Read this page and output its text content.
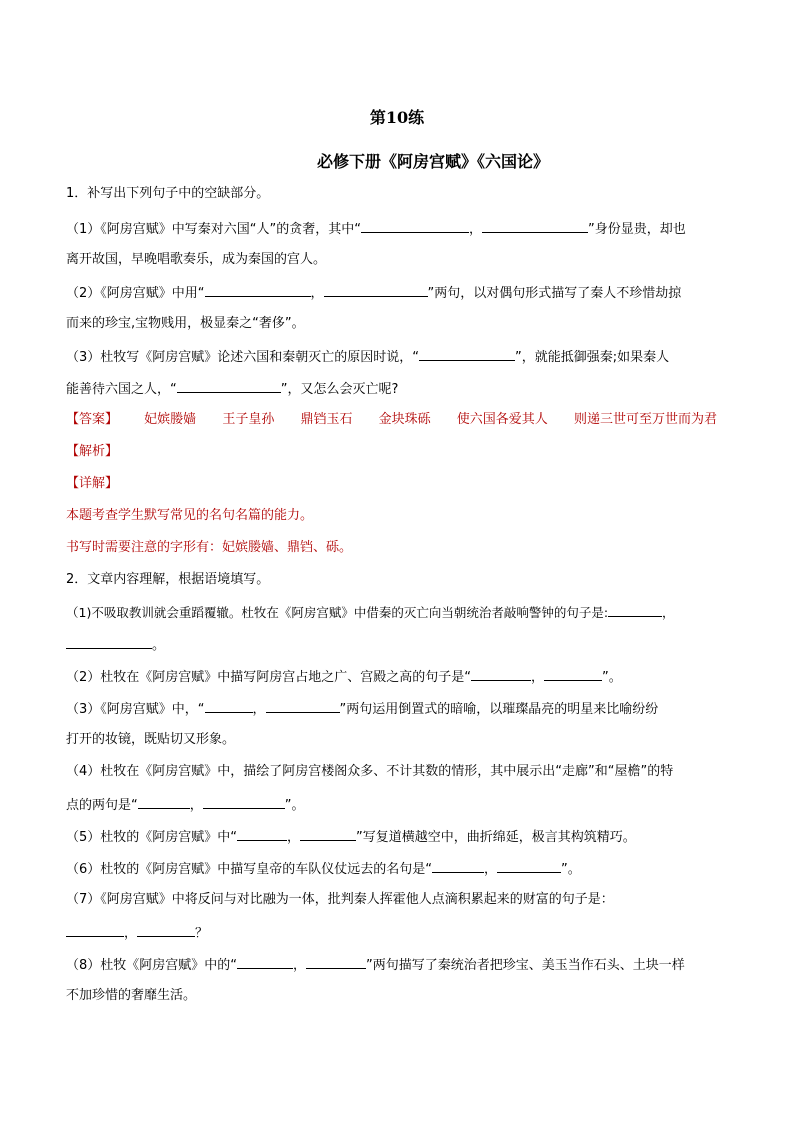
第10练
必修下册《阿房宫赋》《六国论》
1．补写出下列句子中的空缺部分。
（1）《阿房宫赋》中写秦对六国“人”的贪奢，其中“	，	”身份显贵，却也
离开故国，早晚唱歌奏乐，成为秦国的宫人。
（2）《阿房宫赋》中用“	，	”两句，以对偶句形式描写了秦人不珍惜劫掠
而来的珍宝,宝物贱用，极显秦之“奢侈”。
（3）杜牧写《阿房宫赋》论述六国和秦朝灭亡的原因时说，“	”，就能抵御强秦;如果秦人
能善待六国之人，“	”，又怎么会灭亡呢?
【答案】 妃嫔媵嫱 王子皇孙 鼎铛玉石 金块珠砾 使六国各爱其人 则递三世可至万世而为君
【解析】
【详解】
本题考查学生默写常见的名句名篇的能力。
书写时需要注意的字形有：妃嫔媵嫱、鼎铛、砾。
2．文章内容理解，根据语境填写。
（1)不吸取教训就会重蹈覆辙。杜牧在《阿房宫赋》中借秦的灭亡向当朝统治者敲响警钟的句子是:	，
。
（2）杜牧在《阿房宫赋》中描写阿房宫占地之广、宫殿之高的句子是“	，	”。
（3）《阿房宫赋》中，“	，	”两句运用倒置式的暗喻，以璀璨晶亮的明星来比喻纷纷
打开的妆镜，既贴切又形象。
（4）杜牧在《阿房宫赋》中，描绘了阿房宫楼阁众多、不计其数的情形，其中展示出“走廊”和“屋檐”的特
点的两句是“	，	”。
（5）杜牧的《阿房宫赋》中“	，	”写复道横越空中，曲折绵延，极言其构筑精巧。
（6）杜牧的《阿房宫赋》中描写皇帝的车队仪仗远去的名句是“	，	”。
（7）《阿房宫赋》中将反问与对比融为一体，批判秦人挥霍他人点滴积累起来的财富的句子是：
，	？
（8）杜牧《阿房宫赋》中的“	，	”两句描写了秦统治者把珍宝、美玉当作石头、土块一样
不加珍惜的奢靡生活。
